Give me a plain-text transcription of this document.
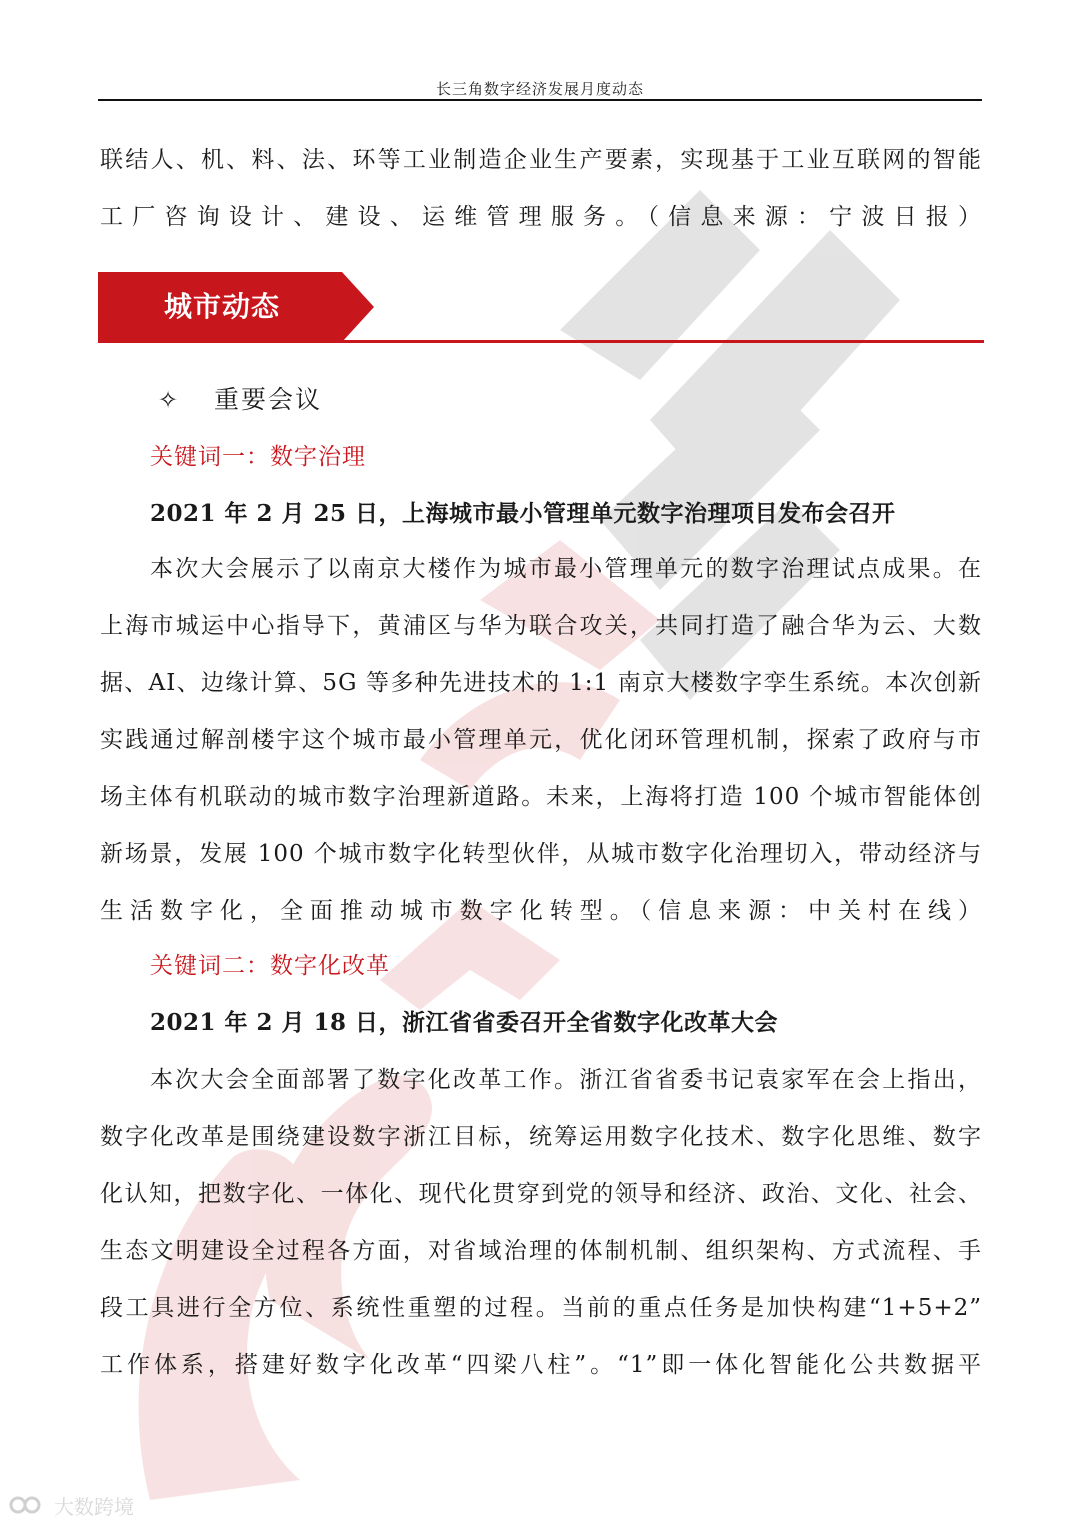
长三角数字经济发展月度动态
联结人、机、料、法、环等工业制造企业生产要素，实现基于工业互联网的智能
工厂咨询设计、建设、运维管理服务。（信息来源：宁波日报）
城市动态
✧ 重要会议
关键词一：数字治理
2021 年 2 月 25 日，上海城市最小管理单元数字治理项目发布会召开
本次大会展示了以南京大楼作为城市最小管理单元的数字治理试点成果。在
上海市城运中心指导下，黄浦区与华为联合攻关，共同打造了融合华为云、大数
据、AI、边缘计算、5G 等多种先进技术的 1:1 南京大楼数字孪生系统。本次创新
实践通过解剖楼宇这个城市最小管理单元，优化闭环管理机制，探索了政府与市
场主体有机联动的城市数字治理新道路。未来，上海将打造 100 个城市智能体创
新场景，发展 100 个城市数字化转型伙伴，从城市数字化治理切入，带动经济与
生活数字化，全面推动城市数字化转型。（信息来源：中关村在线）
关键词二：数字化改革
2021 年 2 月 18 日，浙江省省委召开全省数字化改革大会
本次大会全面部署了数字化改革工作。浙江省省委书记袁家军在会上指出，
数字化改革是围绕建设数字浙江目标，统筹运用数字化技术、数字化思维、数字
化认知，把数字化、一体化、现代化贯穿到党的领导和经济、政治、文化、社会、
生态文明建设全过程各方面，对省域治理的体制机制、组织架构、方式流程、手
段工具进行全方位、系统性重塑的过程。当前的重点任务是加快构建“1+5+2”
工作体系，搭建好数字化改革“四梁八柱”。“1”即一体化智能化公共数据平
大数跨境
